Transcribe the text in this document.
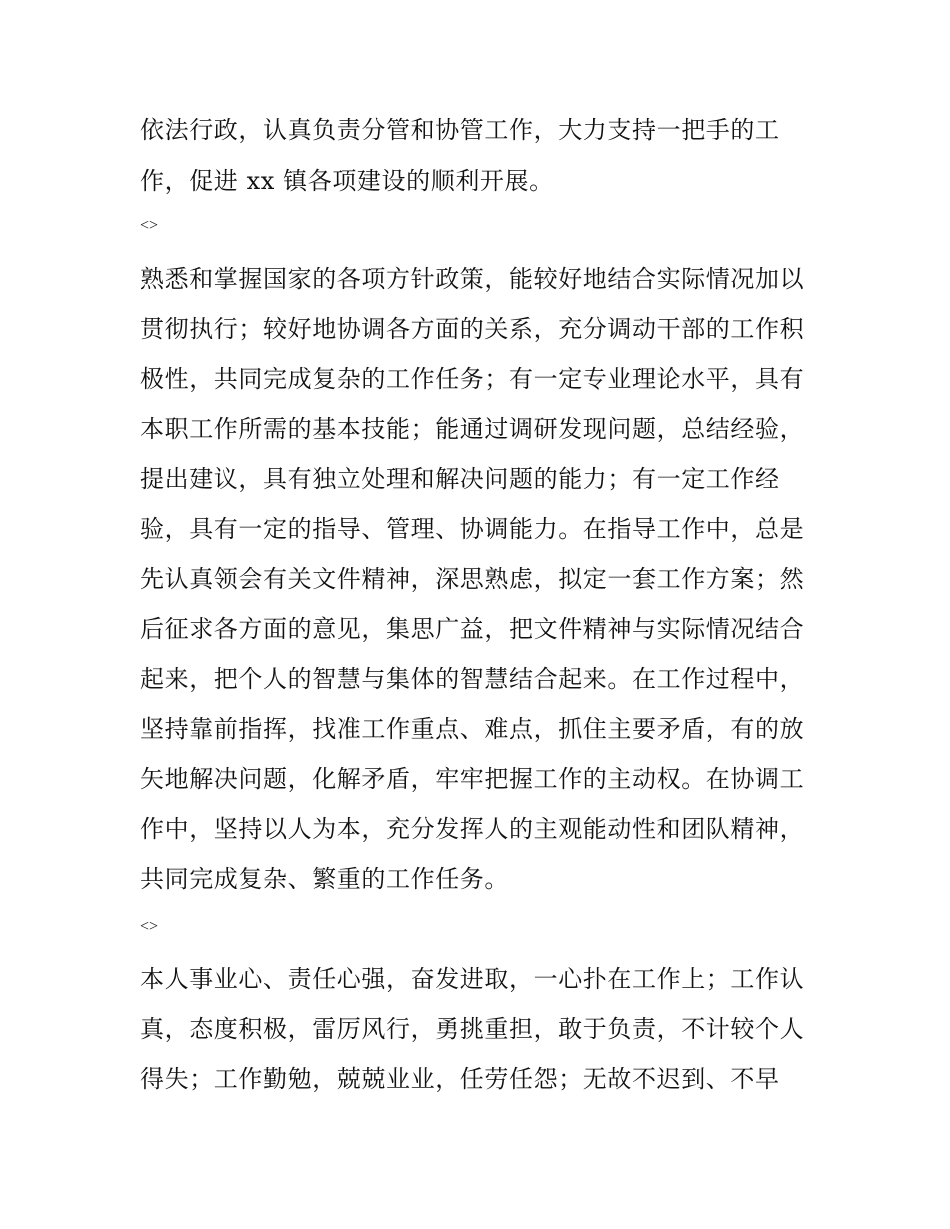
依法行政，认真负责分管和协管工作，大力支持一把手的工
作，促进 xx 镇各项建设的顺利开展。
<>
熟悉和掌握国家的各项方针政策，能较好地结合实际情况加以
贯彻执行；较好地协调各方面的关系，充分调动干部的工作积
极性，共同完成复杂的工作任务；有一定专业理论水平，具有
本职工作所需的基本技能；能通过调研发现问题，总结经验，
提出建议，具有独立处理和解决问题的能力；有一定工作经
验，具有一定的指导、管理、协调能力。在指导工作中，总是
先认真领会有关文件精神，深思熟虑，拟定一套工作方案；然
后征求各方面的意见，集思广益，把文件精神与实际情况结合
起来，把个人的智慧与集体的智慧结合起来。在工作过程中，
坚持靠前指挥，找准工作重点、难点，抓住主要矛盾，有的放
矢地解决问题，化解矛盾，牢牢把握工作的主动权。在协调工
作中，坚持以人为本，充分发挥人的主观能动性和团队精神，
共同完成复杂、繁重的工作任务。
<>
本人事业心、责任心强，奋发进取，一心扑在工作上；工作认
真，态度积极，雷厉风行，勇挑重担，敢于负责，不计较个人
得失；工作勤勉，兢兢业业，任劳任怨；无故不迟到、不早
